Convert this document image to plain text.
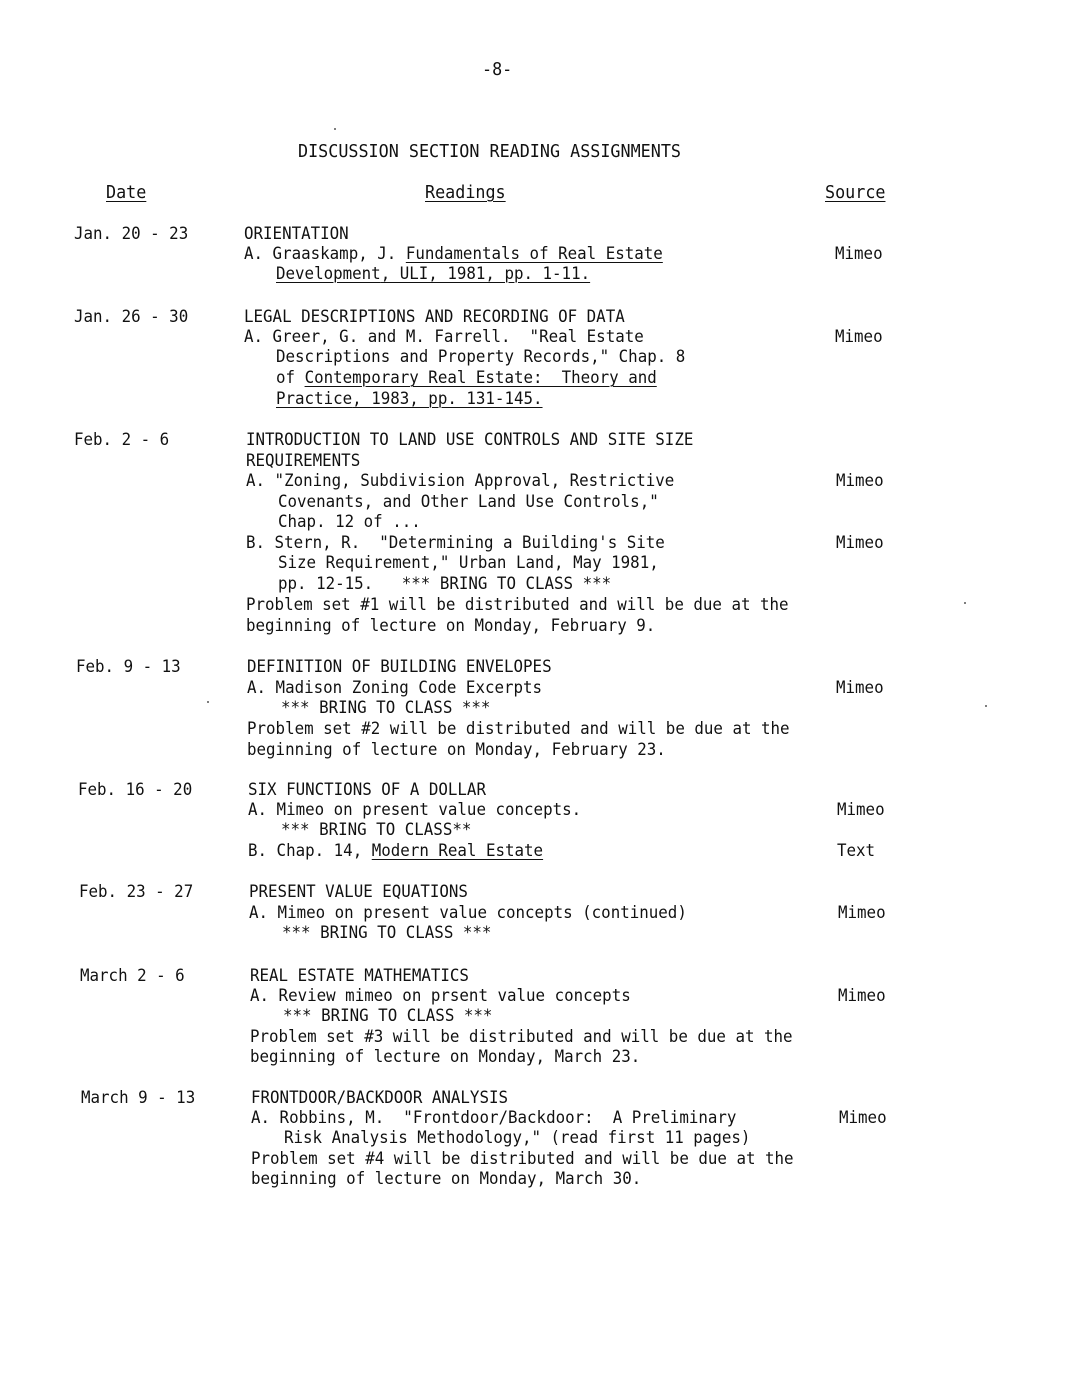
-8-
DISCUSSION SECTION READING ASSIGNMENTS
Date	Readings	Source
Jan. 20 - 23	ORIENTATION
A. Graaskamp, J. Fundamentals of Real Estate	Mimeo
Development, ULI, 1981, pp. 1-11.
Jan. 26 - 30	LEGAL DESCRIPTIONS AND RECORDING OF DATA
A. Greer, G. and M. Farrell.  "Real Estate	Mimeo
Descriptions and Property Records," Chap. 8
of Contemporary Real Estate:  Theory and
Practice, 1983, pp. 131-145.
Feb. 2 - 6	INTRODUCTION TO LAND USE CONTROLS AND SITE SIZE
REQUIREMENTS
A. "Zoning, Subdivision Approval, Restrictive	Mimeo
Covenants, and Other Land Use Controls,"
Chap. 12 of ...
B. Stern, R.  "Determining a Building's Site	Mimeo
Size Requirement," Urban Land, May 1981,
pp. 12-15.   *** BRING TO CLASS ***
Problem set #1 will be distributed and will be due at the
beginning of lecture on Monday, February 9.
Feb. 9 - 13	DEFINITION OF BUILDING ENVELOPES
A. Madison Zoning Code Excerpts	Mimeo
*** BRING TO CLASS ***
Problem set #2 will be distributed and will be due at the
beginning of lecture on Monday, February 23.
Feb. 16 - 20	SIX FUNCTIONS OF A DOLLAR
A. Mimeo on present value concepts.	Mimeo
*** BRING TO CLASS**
B. Chap. 14, Modern Real Estate	Text
Feb. 23 - 27	PRESENT VALUE EQUATIONS
A. Mimeo on present value concepts (continued)	Mimeo
*** BRING TO CLASS ***
March 2 - 6	REAL ESTATE MATHEMATICS
A. Review mimeo on prsent value concepts	Mimeo
*** BRING TO CLASS ***
Problem set #3 will be distributed and will be due at the
beginning of lecture on Monday, March 23.
March 9 - 13	FRONTDOOR/BACKDOOR ANALYSIS
A. Robbins, M.  "Frontdoor/Backdoor:  A Preliminary	Mimeo
Risk Analysis Methodology," (read first 11 pages)
Problem set #4 will be distributed and will be due at the
beginning of lecture on Monday, March 30.
